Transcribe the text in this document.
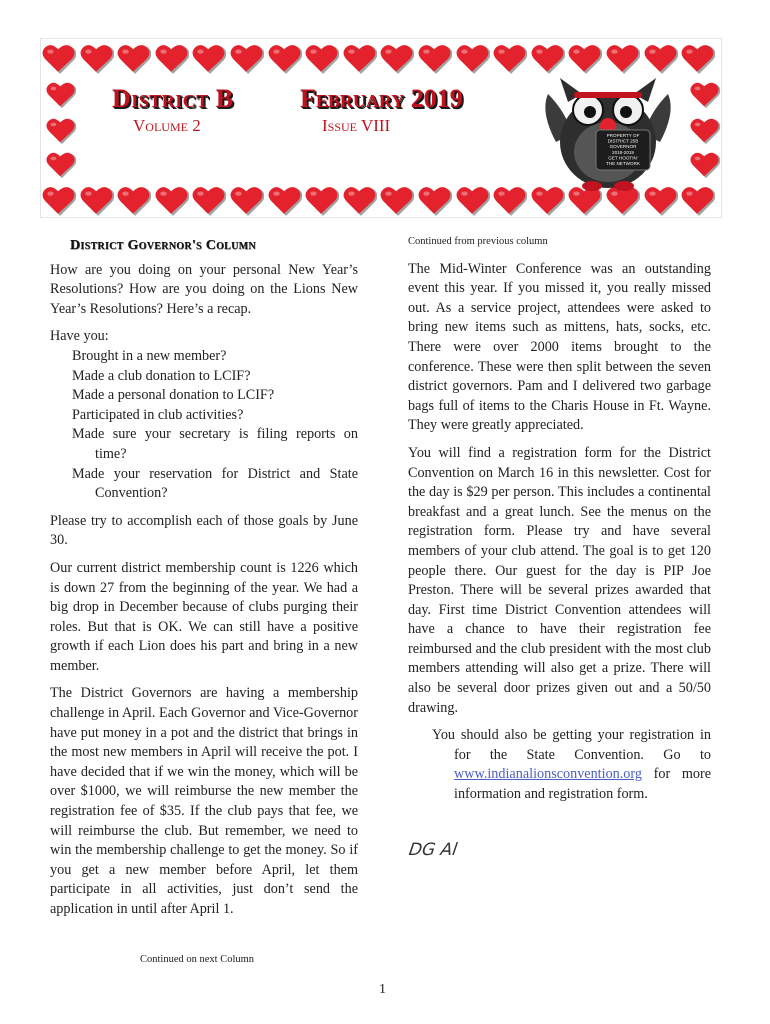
District B	February 2019
Volume 2	Issue VIII
PROPERTY OF DISTRICT 25B GOVERNOR 2018-2019 GET HOOTIN' THE NETWORK
District Governor's Column

How are you doing on your personal New Year’s Resolutions? How are you doing on the Lions New Year’s Resolutions? Here’s a recap.

Have you:

Brought in a new member?
Made a club donation to LCIF?
Made a personal donation to LCIF?
Participated in club activities?
Made sure your secretary is filing reports on time?
Made your reservation for District and State Convention?

Please try to accomplish each of those goals by June 30.

Our current district membership count is 1226 which is down 27 from the beginning of the year. We had a big drop in December because of clubs purging their roles. But that is OK. We can still have a positive growth if each Lion does his part and bring in a new member.

The District Governors are having a membership challenge in April. Each Governor and Vice-Governor have put money in a pot and the district that brings in the most new members in April will receive the pot. I have decided that if we win the money, which will be over $1000, we will reimburse the new member the registration fee of $35. If the club pays that fee, we will reimburse the club. But remember, we need to win the membership challenge to get the money. So if you get a new member before April, let them participate in all activities, just don’t send the application in until after April 1.

Continued from previous column

The Mid-Winter Conference was an outstanding event this year. If you missed it, you really missed out. As a service project, attendees were asked to bring new items such as mittens, hats, socks, etc. There were over 2000 items brought to the conference. These were then split between the seven district governors. Pam and I delivered two garbage bags full of items to the Charis House in Ft. Wayne. They were greatly appreciated.

You will find a registration form for the District Convention on March 16 in this newsletter. Cost for the day is $29 per person. This includes a continental breakfast and a great lunch. See the menus on the registration form. Please try and have several members of your club attend. The goal is to get 120 people there. Our guest for the day is PIP Joe Preston. There will be several prizes awarded that day. First time District Convention attendees will have a chance to have their registration fee reimbursed and the club president with the most club members attending will also get a prize. There will also be several door prizes given out and a 50/50 drawing.

You should also be getting your registration in for the State Convention. Go to www.indianalionsconvention.org for more information and registration form.

DG Al
Continued on next Column
1
